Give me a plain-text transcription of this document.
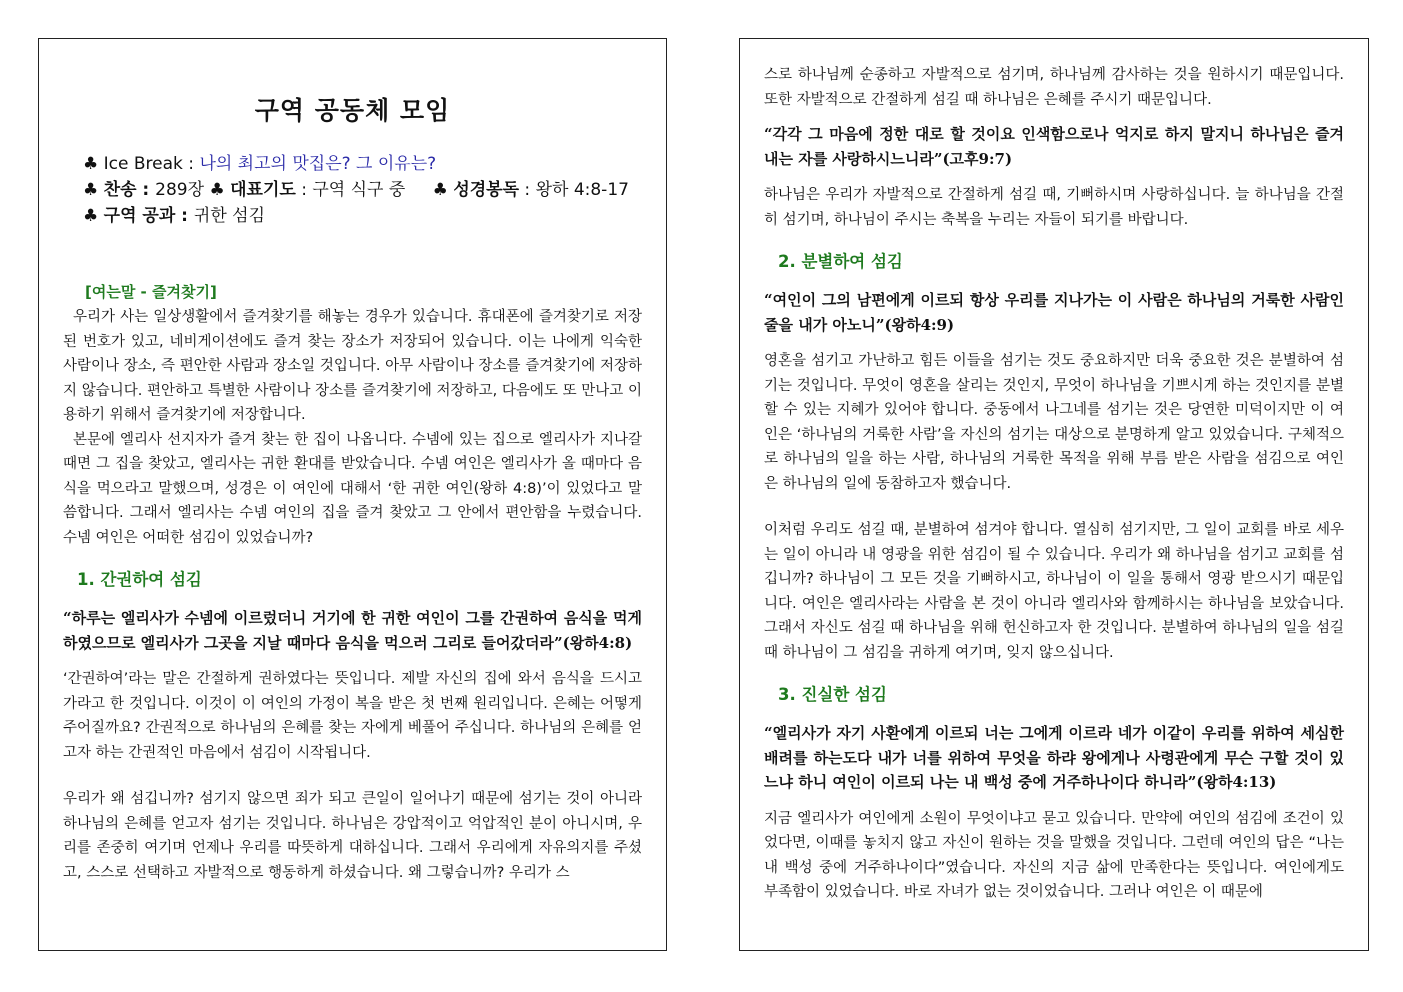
구역 공동체 모임
♣ Ice Break : 나의 최고의 맛집은? 그 이유는?
♣ 찬송 : 289장 ♣ 대표기도 : 구역 식구 중 ♣ 성경봉독 : 왕하 4:8-17
♣ 구역 공과 : 귀한 섬김
[여는말 - 즐겨찾기]

우리가 사는 일상생활에서 즐겨찾기를 해놓는 경우가 있습니다. 휴대폰에 즐겨찾기로 저장된 번호가 있고, 네비게이션에도 즐겨 찾는 장소가 저장되어 있습니다. 이는 나에게 익숙한 사람이나 장소, 즉 편안한 사람과 장소일 것입니다. 아무 사람이나 장소를 즐겨찾기에 저장하지 않습니다. 편안하고 특별한 사람이나 장소를 즐겨찾기에 저장하고, 다음에도 또 만나고 이용하기 위해서 즐겨찾기에 저장합니다.

본문에 엘리사 선지자가 즐겨 찾는 한 집이 나옵니다. 수넴에 있는 집으로 엘리사가 지나갈 때면 그 집을 찾았고, 엘리사는 귀한 환대를 받았습니다. 수넴 여인은 엘리사가 올 때마다 음식을 먹으라고 말했으며, 성경은 이 여인에 대해서 ‘한 귀한 여인(왕하 4:8)’이 있었다고 말씀합니다. 그래서 엘리사는 수넴 여인의 집을 즐겨 찾았고 그 안에서 편안함을 누렸습니다. 수넴 여인은 어떠한 섬김이 있었습니까?

1. 간권하여 섬김
“하루는 엘리사가 수넴에 이르렀더니 거기에 한 귀한 여인이 그를 간권하여 음식을 먹게 하였으므로 엘리사가 그곳을 지날 때마다 음식을 먹으러 그리로 들어갔더라”(왕하4:8)

‘간권하여’라는 말은 간절하게 권하였다는 뜻입니다. 제발 자신의 집에 와서 음식을 드시고 가라고 한 것입니다. 이것이 이 여인의 가정이 복을 받은 첫 번째 원리입니다. 은혜는 어떻게 주어질까요? 간권적으로 하나님의 은혜를 찾는 자에게 베풀어 주십니다. 하나님의 은혜를 얻고자 하는 간권적인 마음에서 섬김이 시작됩니다.

우리가 왜 섬깁니까? 섬기지 않으면 죄가 되고 큰일이 일어나기 때문에 섬기는 것이 아니라 하나님의 은혜를 얻고자 섬기는 것입니다. 하나님은 강압적이고 억압적인 분이 아니시며, 우리를 존중히 여기며 언제나 우리를 따뜻하게 대하십니다. 그래서 우리에게 자유의지를 주셨고, 스스로 선택하고 자발적으로 행동하게 하셨습니다. 왜 그렇습니까? 우리가 스

스로 하나님께 순종하고 자발적으로 섬기며, 하나님께 감사하는 것을 원하시기 때문입니다. 또한 자발적으로 간절하게 섬길 때 하나님은 은혜를 주시기 때문입니다.

“각각 그 마음에 정한 대로 할 것이요 인색함으로나 억지로 하지 말지니 하나님은 즐겨 내는 자를 사랑하시느니라”(고후9:7)

하나님은 우리가 자발적으로 간절하게 섬길 때, 기뻐하시며 사랑하십니다. 늘 하나님을 간절히 섬기며, 하나님이 주시는 축복을 누리는 자들이 되기를 바랍니다.

2. 분별하여 섬김
“여인이 그의 남편에게 이르되 항상 우리를 지나가는 이 사람은 하나님의 거룩한 사람인 줄을 내가 아노니”(왕하4:9)

영혼을 섬기고 가난하고 힘든 이들을 섬기는 것도 중요하지만 더욱 중요한 것은 분별하여 섬기는 것입니다. 무엇이 영혼을 살리는 것인지, 무엇이 하나님을 기쁘시게 하는 것인지를 분별할 수 있는 지혜가 있어야 합니다. 중동에서 나그네를 섬기는 것은 당연한 미덕이지만 이 여인은 ‘하나님의 거룩한 사람’을 자신의 섬기는 대상으로 분명하게 알고 있었습니다. 구체적으로 하나님의 일을 하는 사람, 하나님의 거룩한 목적을 위해 부름 받은 사람을 섬김으로 여인은 하나님의 일에 동참하고자 했습니다.

이처럼 우리도 섬길 때, 분별하여 섬겨야 합니다. 열심히 섬기지만, 그 일이 교회를 바로 세우는 일이 아니라 내 영광을 위한 섬김이 될 수 있습니다. 우리가 왜 하나님을 섬기고 교회를 섬깁니까? 하나님이 그 모든 것을 기뻐하시고, 하나님이 이 일을 통해서 영광 받으시기 때문입니다. 여인은 엘리사라는 사람을 본 것이 아니라 엘리사와 함께하시는 하나님을 보았습니다. 그래서 자신도 섬길 때 하나님을 위해 헌신하고자 한 것입니다. 분별하여 하나님의 일을 섬길 때 하나님이 그 섬김을 귀하게 여기며, 잊지 않으십니다.

3. 진실한 섬김
“엘리사가 자기 사환에게 이르되 너는 그에게 이르라 네가 이같이 우리를 위하여 세심한 배려를 하는도다 내가 너를 위하여 무엇을 하랴 왕에게나 사령관에게 무슨 구할 것이 있느냐 하니 여인이 이르되 나는 내 백성 중에 거주하나이다 하니라”(왕하4:13)

지금 엘리사가 여인에게 소원이 무엇이냐고 묻고 있습니다. 만약에 여인의 섬김에 조건이 있었다면, 이때를 놓치지 않고 자신이 원하는 것을 말했을 것입니다. 그런데 여인의 답은 “나는 내 백성 중에 거주하나이다”였습니다. 자신의 지금 삶에 만족한다는 뜻입니다. 여인에게도 부족함이 있었습니다. 바로 자녀가 없는 것이었습니다. 그러나 여인은 이 때문에
